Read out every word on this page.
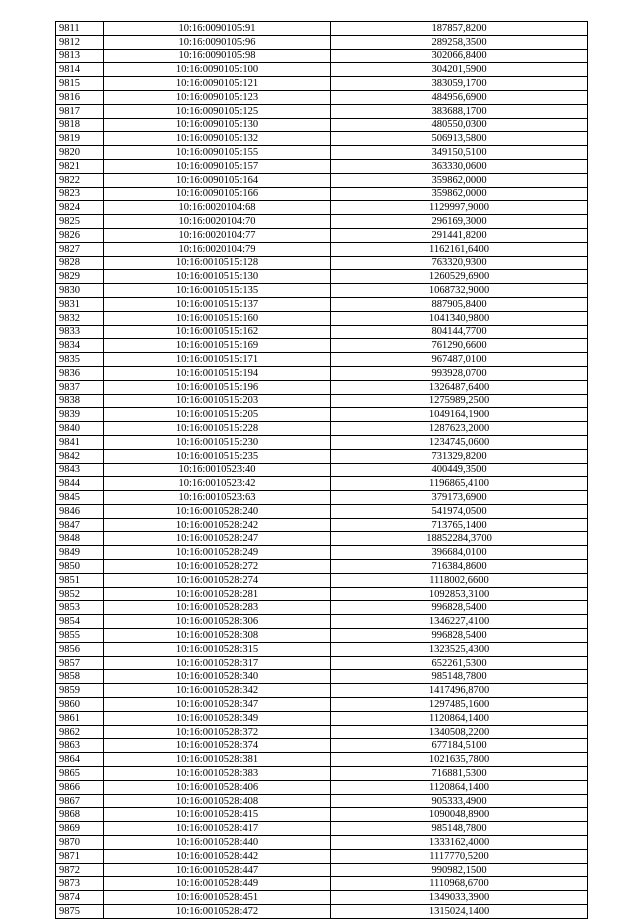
9811	10:16:0090105:91	187857,8200
9812	10:16:0090105:96	289258,3500
9813	10:16:0090105:98	302066,8400
9814	10:16:0090105:100	304201,5900
9815	10:16:0090105:121	383059,1700
9816	10:16:0090105:123	484956,6900
9817	10:16:0090105:125	383688,1700
9818	10:16:0090105:130	480550,0300
9819	10:16:0090105:132	506913,5800
9820	10:16:0090105:155	349150,5100
9821	10:16:0090105:157	363330,0600
9822	10:16:0090105:164	359862,0000
9823	10:16:0090105:166	359862,0000
9824	10:16:0020104:68	1129997,9000
9825	10:16:0020104:70	296169,3000
9826	10:16:0020104:77	291441,8200
9827	10:16:0020104:79	1162161,6400
9828	10:16:0010515:128	763320,9300
9829	10:16:0010515:130	1260529,6900
9830	10:16:0010515:135	1068732,9000
9831	10:16:0010515:137	887905,8400
9832	10:16:0010515:160	1041340,9800
9833	10:16:0010515:162	804144,7700
9834	10:16:0010515:169	761290,6600
9835	10:16:0010515:171	967487,0100
9836	10:16:0010515:194	993928,0700
9837	10:16:0010515:196	1326487,6400
9838	10:16:0010515:203	1275989,2500
9839	10:16:0010515:205	1049164,1900
9840	10:16:0010515:228	1287623,2000
9841	10:16:0010515:230	1234745,0600
9842	10:16:0010515:235	731329,8200
9843	10:16:0010523:40	400449,3500
9844	10:16:0010523:42	1196865,4100
9845	10:16:0010523:63	379173,6900
9846	10:16:0010528:240	541974,0500
9847	10:16:0010528:242	713765,1400
9848	10:16:0010528:247	18852284,3700
9849	10:16:0010528:249	396684,0100
9850	10:16:0010528:272	716384,8600
9851	10:16:0010528:274	1118002,6600
9852	10:16:0010528:281	1092853,3100
9853	10:16:0010528:283	996828,5400
9854	10:16:0010528:306	1346227,4100
9855	10:16:0010528:308	996828,5400
9856	10:16:0010528:315	1323525,4300
9857	10:16:0010528:317	652261,5300
9858	10:16:0010528:340	985148,7800
9859	10:16:0010528:342	1417496,8700
9860	10:16:0010528:347	1297485,1600
9861	10:16:0010528:349	1120864,1400
9862	10:16:0010528:372	1340508,2200
9863	10:16:0010528:374	677184,5100
9864	10:16:0010528:381	1021635,7800
9865	10:16:0010528:383	716881,5300
9866	10:16:0010528:406	1120864,1400
9867	10:16:0010528:408	905333,4900
9868	10:16:0010528:415	1090048,8900
9869	10:16:0010528:417	985148,7800
9870	10:16:0010528:440	1333162,4000
9871	10:16:0010528:442	1117770,5200
9872	10:16:0010528:447	990982,1500
9873	10:16:0010528:449	1110968,6700
9874	10:16:0010528:451	1349033,3900
9875	10:16:0010528:472	1315024,1400
